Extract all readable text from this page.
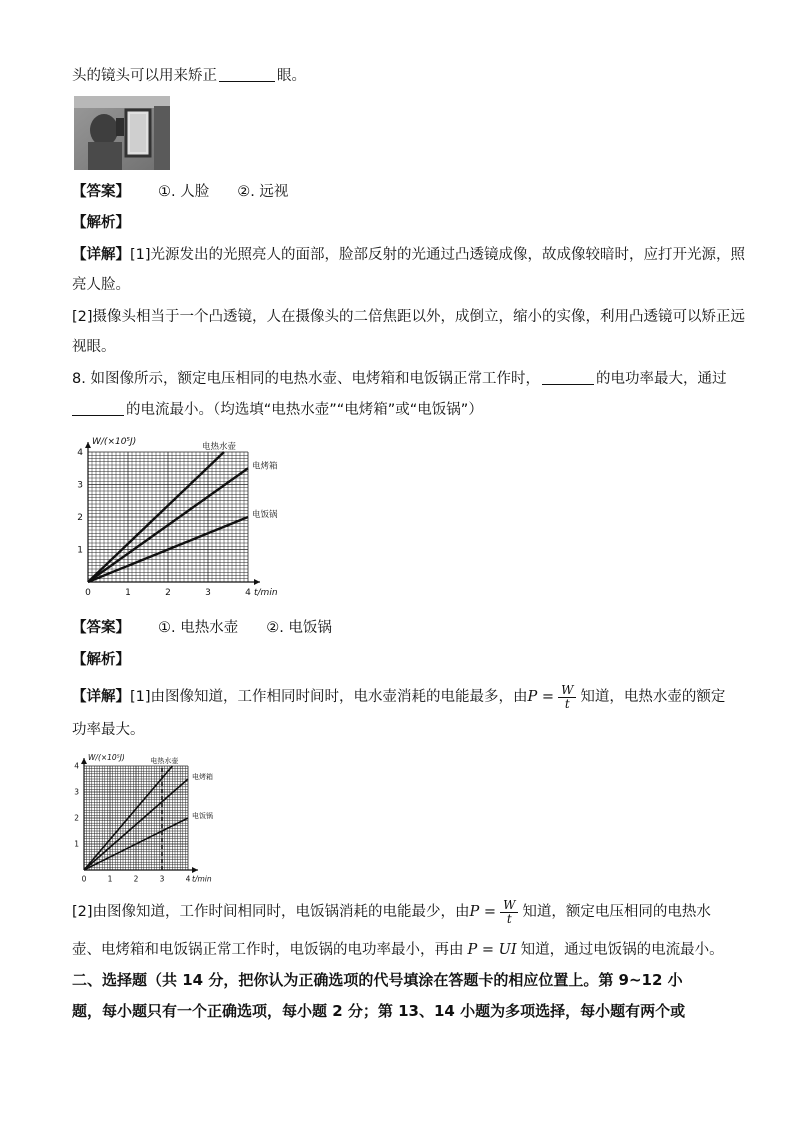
头的镜头可以用来矫正	眼。
【答案】 ①. 人脸 ②. 远视
【解析】
【详解】[1]光源发出的光照亮人的面部，脸部反射的光通过凸透镜成像，故成像较暗时，应打开光源，照
亮人脸。
[2]摄像头相当于一个凸透镜，人在摄像头的二倍焦距以外，成倒立，缩小的实像，利用凸透镜可以矫正远
视眼。
8. 如图像所示，额定电压相同的电热水壶、电烤箱和电饭锅正常工作时，	的电功率最大，通过
的电流最小。（均选填“电热水壶”“电烤箱”或“电饭锅”）
0	1	2	3	4
1
2
3
4
W/(×10⁵J)
t/min
电热水壶
电烤箱
电饭锅
【答案】 ①. 电热水壶 ②. 电饭锅
【解析】
【详解】[1]由图像知道，工作相同时间时，电水壶消耗的电能最多，由$P = \frac{W}{t}$ 知道，电热水壶的额定
功率最大。
0	1	2	3	4
1
2
3
4
W/(×10⁵J)
t/min
电热水壶
电烤箱
电饭锅
[2]由图像知道，工作时间相同时，电饭锅消耗的电能最少，由$P = \frac{W}{t}$ 知道，额定电压相同的电热水
壶、电烤箱和电饭锅正常工作时，电饭锅的电功率最小，再由 P = UI 知道，通过电饭锅的电流最小。
二、选择题（共 14 分，把你认为正确选项的代号填涂在答题卡的相应位置上。第 9~12 小
题，每小题只有一个正确选项，每小题 2 分；第 13、14 小题为多项选择，每小题有两个或
